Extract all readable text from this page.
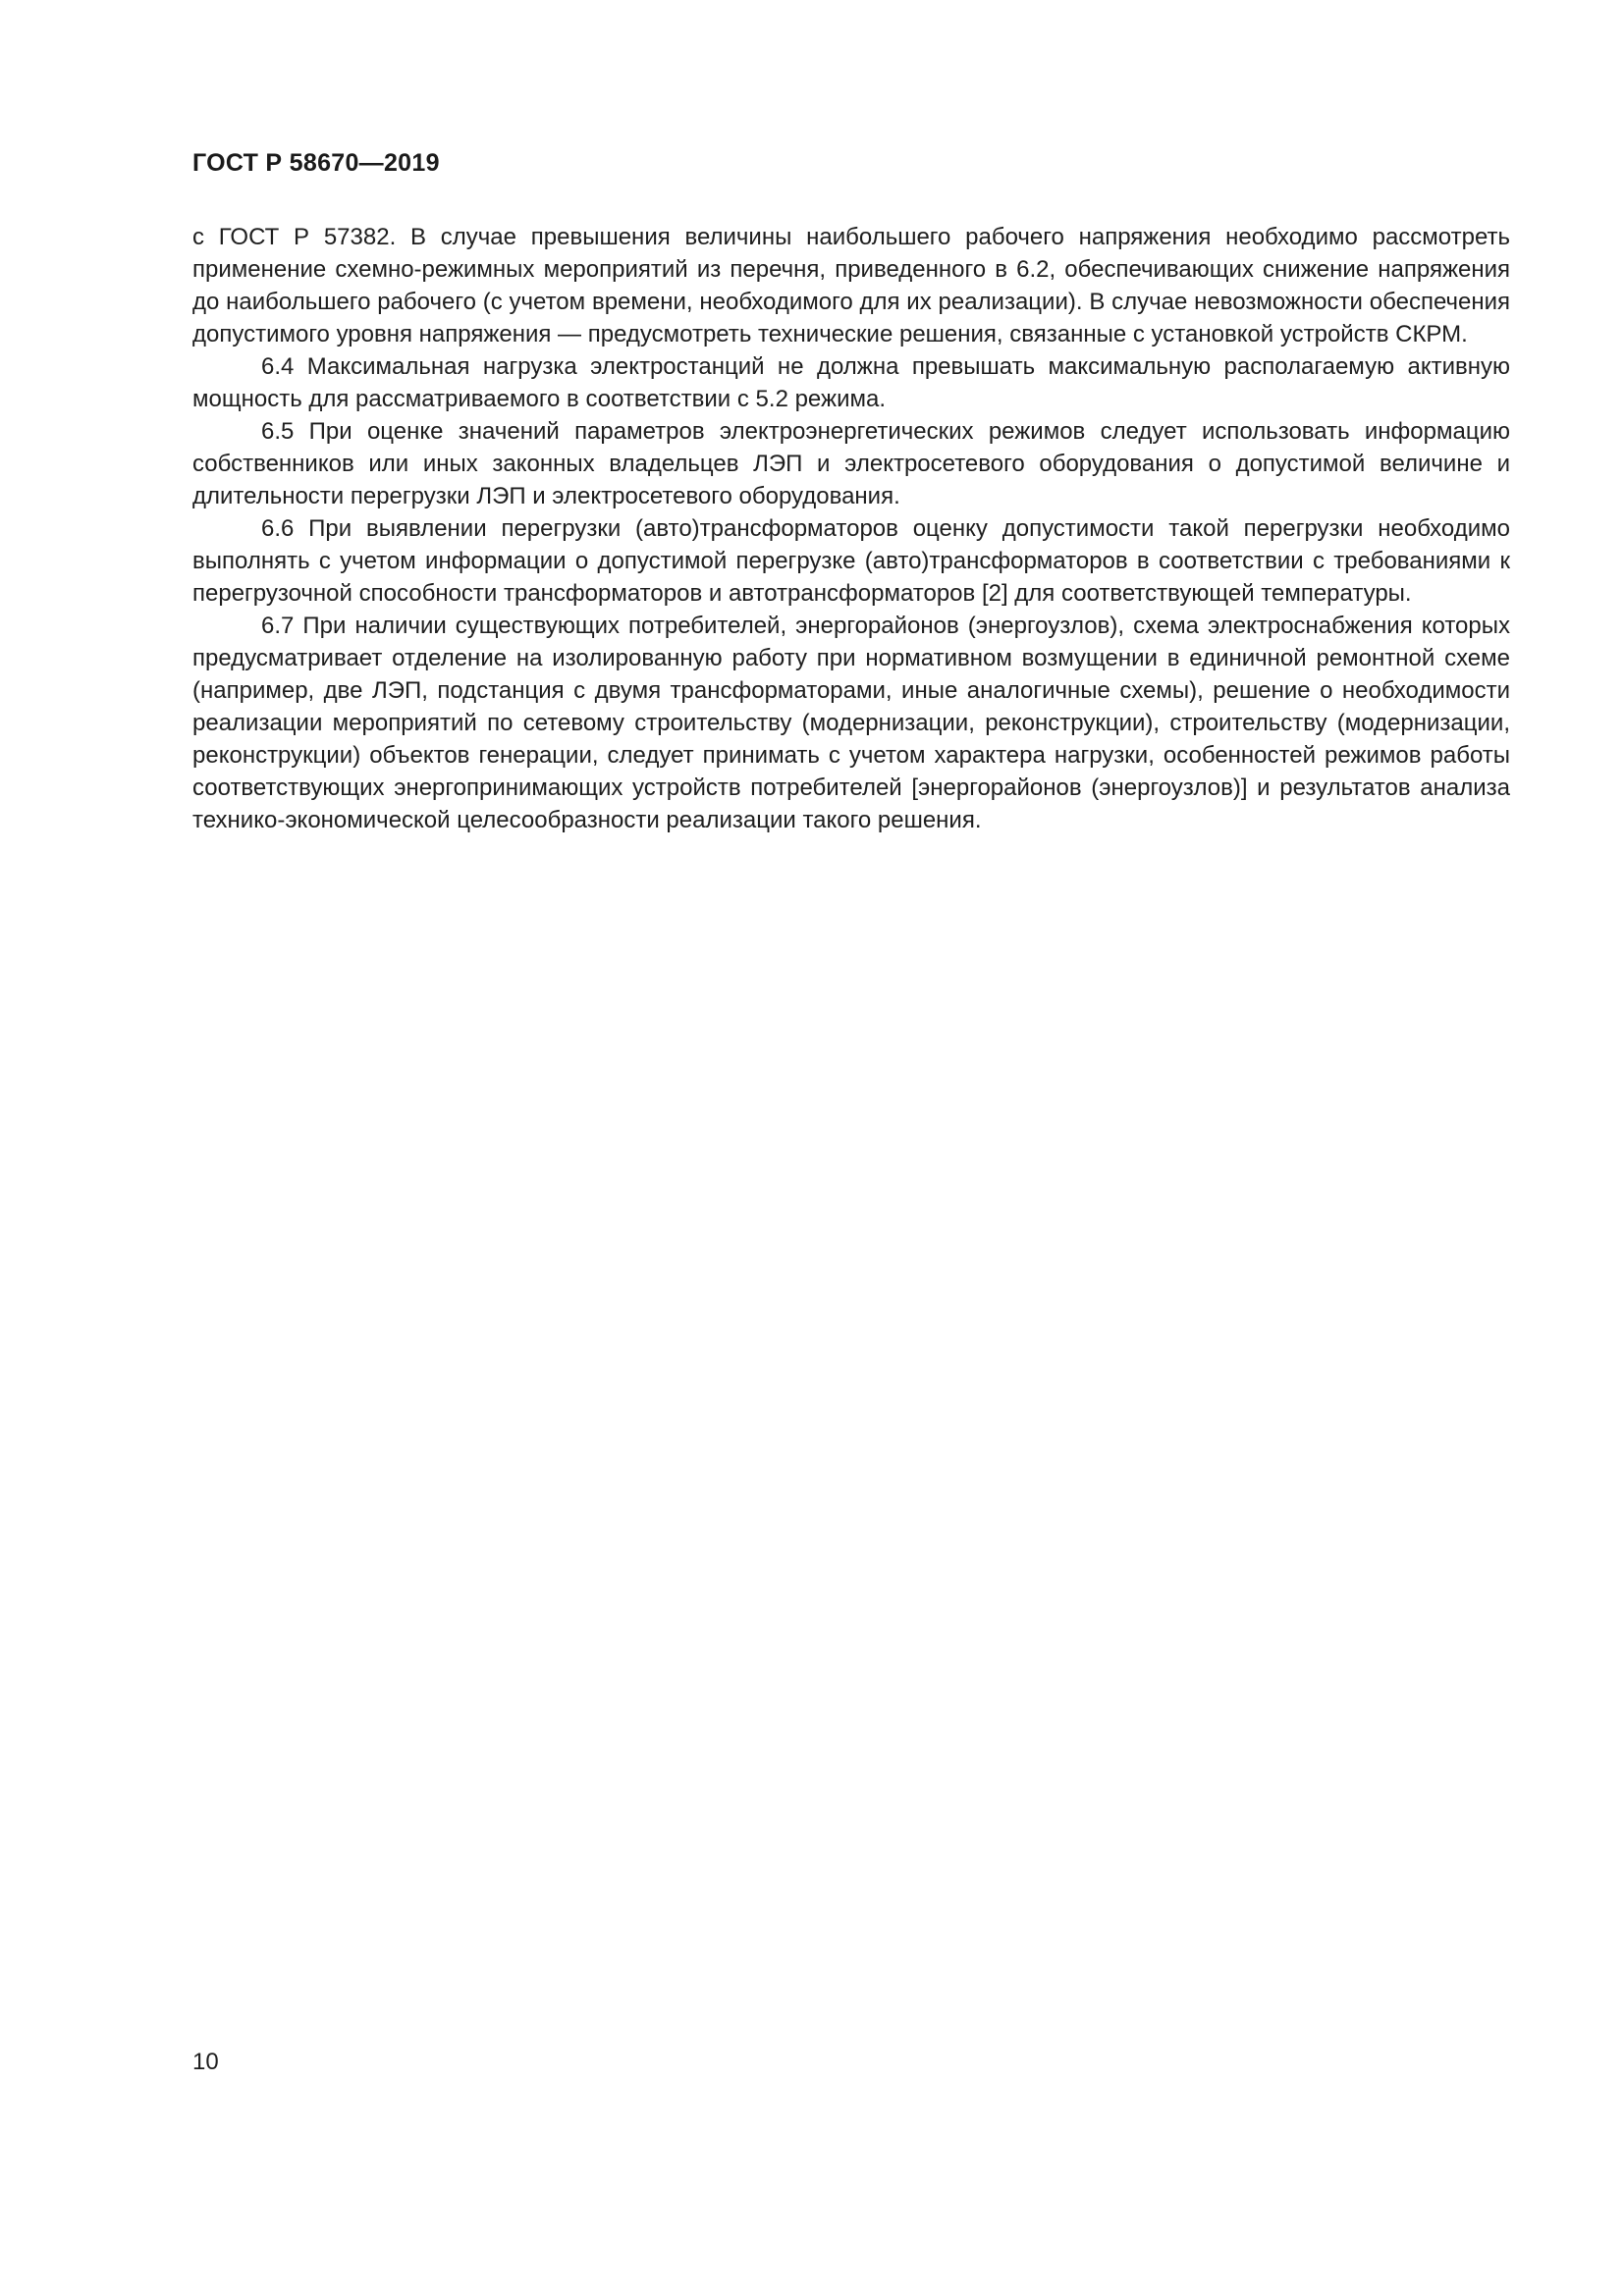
ГОСТ Р 58670—2019

с ГОСТ Р 57382. В случае превышения величины наибольшего рабочего напряжения необходимо рассмотреть применение схемно-режимных мероприятий из перечня, приведенного в 6.2, обеспечивающих снижение напряжения до наибольшего рабочего (с учетом времени, необходимого для их реализации). В случае невозможности обеспечения допустимого уровня напряжения — предусмотреть технические решения, связанные с установкой устройств СКРМ.

6.4 Максимальная нагрузка электростанций не должна превышать максимальную располагаемую активную мощность для рассматриваемого в соответствии с 5.2 режима.

6.5 При оценке значений параметров электроэнергетических режимов следует использовать информацию собственников или иных законных владельцев ЛЭП и электросетевого оборудования о допустимой величине и длительности перегрузки ЛЭП и электросетевого оборудования.

6.6 При выявлении перегрузки (авто)трансформаторов оценку допустимости такой перегрузки необходимо выполнять с учетом информации о допустимой перегрузке (авто)трансформаторов в соответствии с требованиями к перегрузочной способности трансформаторов и автотрансформаторов [2] для соответствующей температуры.

6.7 При наличии существующих потребителей, энергорайонов (энергоузлов), схема электроснабжения которых предусматривает отделение на изолированную работу при нормативном возмущении в единичной ремонтной схеме (например, две ЛЭП, подстанция с двумя трансформаторами, иные аналогичные схемы), решение о необходимости реализации мероприятий по сетевому строительству (модернизации, реконструкции), строительству (модернизации, реконструкции) объектов генерации, следует принимать с учетом характера нагрузки, особенностей режимов работы соответствующих энергопринимающих устройств потребителей [энергорайонов (энергоузлов)] и результатов анализа технико-экономической целесообразности реализации такого решения.

10
